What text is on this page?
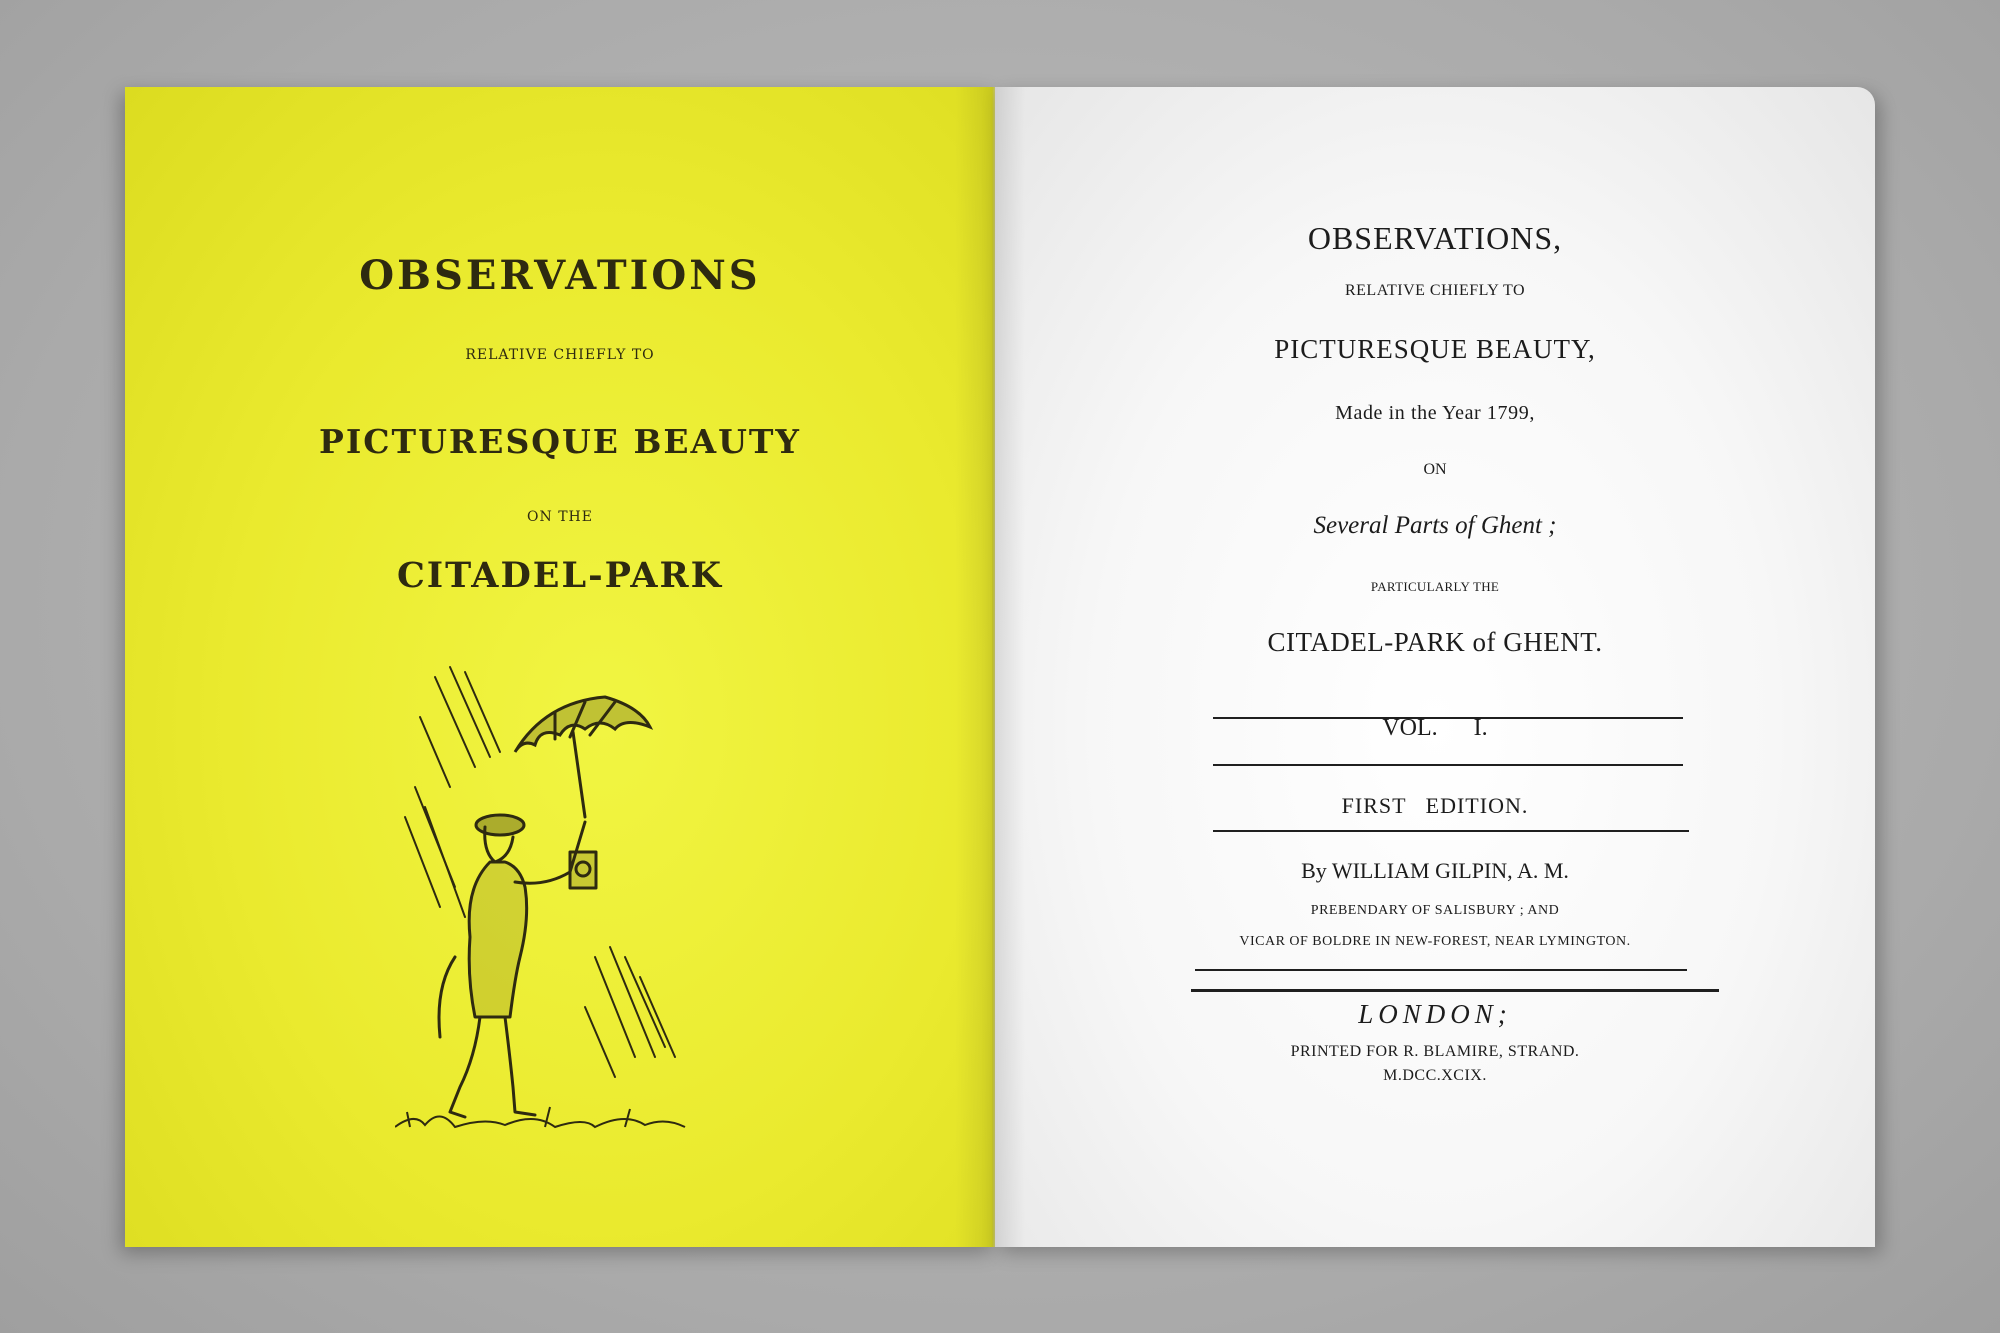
OBSERVATIONS
RELATIVE CHIEFLY TO
PICTURESQUE BEAUTY
ON THE
CITADEL-PARK
OBSERVATIONS,
RELATIVE CHIEFLY TO
PICTURESQUE BEAUTY,
Made in the Year 1799,
ON
Several Parts of Ghent ;
PARTICULARLY THE
CITADEL-PARK of GHENT.
VOL.      I.
FIRST   EDITION.
By WILLIAM GILPIN, A. M.
PREBENDARY OF SALISBURY ; AND
VICAR OF BOLDRE IN NEW-FOREST, NEAR LYMINGTON.
LONDON;
PRINTED FOR R. BLAMIRE, STRAND.
M.DCC.XCIX.
